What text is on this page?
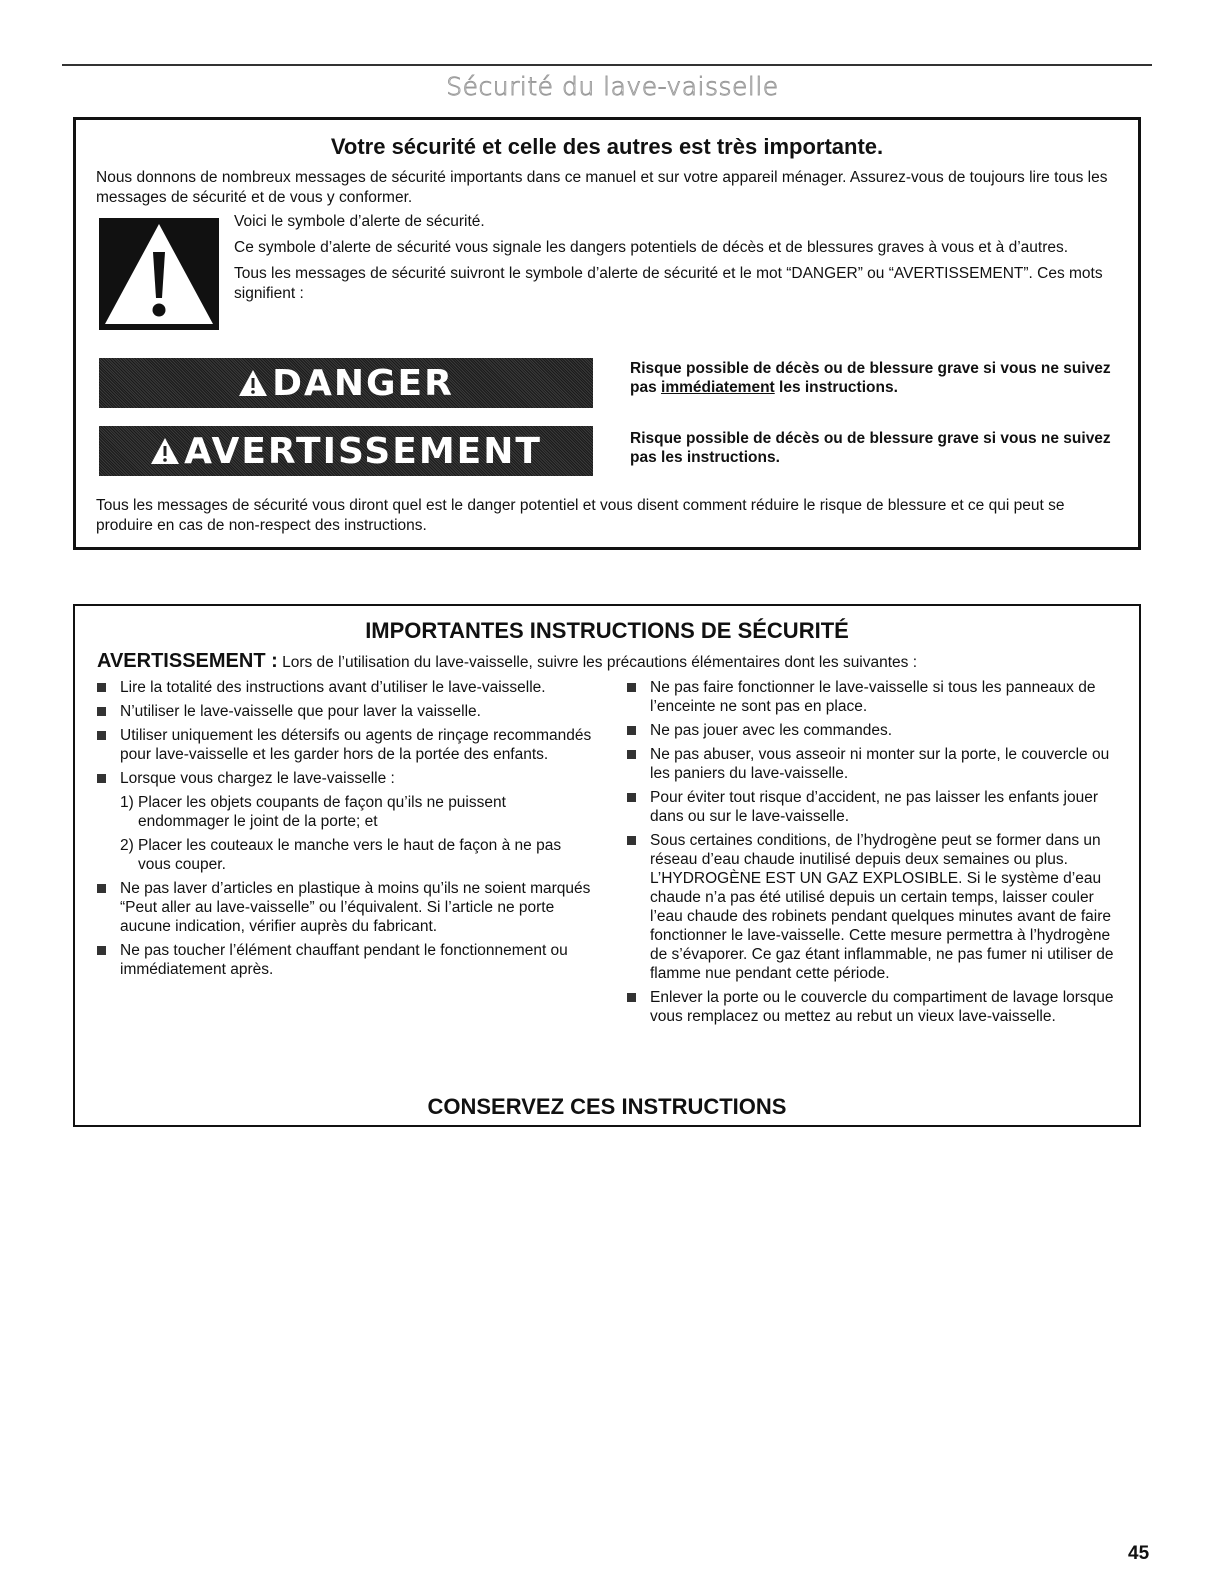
Sécurité du lave-vaisselle
Votre sécurité et celle des autres est très importante.
Nous donnons de nombreux messages de sécurité importants dans ce manuel et sur votre appareil ménager. Assurez-vous de toujours lire tous les messages de sécurité et de vous y conformer.

Voici le symbole d’alerte de sécurité.

Ce symbole d’alerte de sécurité vous signale les dangers potentiels de décès et de blessures graves à vous et à d’autres.

Tous les messages de sécurité suivront le symbole d’alerte de sécurité et le mot “DANGER” ou “AVERTISSEMENT”. Ces mots signifient :

DANGER	Risque possible de décès ou de blessure grave si vous ne suivez pas immédiatement les instructions.
AVERTISSEMENT	Risque possible de décès ou de blessure grave si vous ne suivez pas les instructions.
Tous les messages de sécurité vous diront quel est le danger potentiel et vous disent comment réduire le risque de blessure et ce qui peut se produire en cas de non-respect des instructions.
IMPORTANTES INSTRUCTIONS DE SÉCURITÉ
AVERTISSEMENT : Lors de l’utilisation du lave-vaisselle, suivre les précautions élémentaires dont les suivantes :
Lire la totalité des instructions avant d’utiliser le lave-vaisselle.
N’utiliser le lave-vaisselle que pour laver la vaisselle.
Utiliser uniquement les détersifs ou agents de rinçage recommandés pour lave-vaisselle et les garder hors de la portée des enfants.
Lorsque vous chargez le lave-vaisselle :
1) Placer les objets coupants de façon qu’ils ne puissent endommager le joint de la porte; et
2) Placer les couteaux le manche vers le haut de façon à ne pas vous couper.
Ne pas laver d’articles en plastique à moins qu’ils ne soient marqués “Peut aller au lave-vaisselle” ou l’équivalent. Si l’article ne porte aucune indication, vérifier auprès du fabricant.
Ne pas toucher l’élément chauffant pendant le fonctionnement ou immédiatement après.
Ne pas faire fonctionner le lave-vaisselle si tous les panneaux de l’enceinte ne sont pas en place.
Ne pas jouer avec les commandes.
Ne pas abuser, vous asseoir ni monter sur la porte, le couvercle ou les paniers du lave-vaisselle.
Pour éviter tout risque d’accident, ne pas laisser les enfants jouer dans ou sur le lave-vaisselle.
Sous certaines conditions, de l’hydrogène peut se former dans un réseau d’eau chaude inutilisé depuis deux semaines ou plus. L’HYDROGÈNE EST UN GAZ EXPLOSIBLE. Si le système d’eau chaude n’a pas été utilisé depuis un certain temps, laisser couler l’eau chaude des robinets pendant quelques minutes avant de faire fonctionner le lave-vaisselle. Cette mesure permettra à l’hydrogène de s’évaporer. Ce gaz étant inflammable, ne pas fumer ni utiliser de flamme nue pendant cette période.
Enlever la porte ou le couvercle du compartiment de lavage lorsque vous remplacez ou mettez au rebut un vieux lave-vaisselle.
CONSERVEZ CES INSTRUCTIONS
45
